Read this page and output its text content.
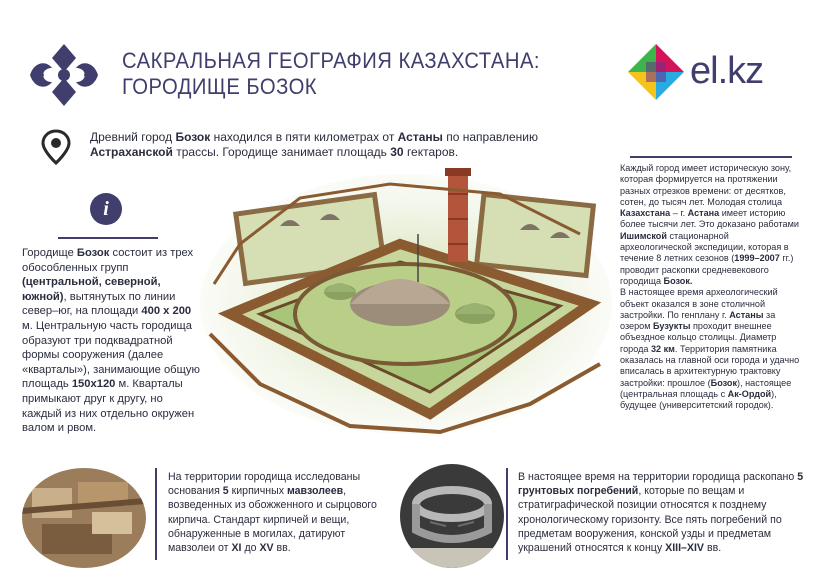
САКРАЛЬНАЯ ГЕОГРАФИЯ КАЗАХСТАНА:
ГОРОДИЩЕ БОЗОК	el.kz
Древний город Бозок находился в пяти километрах от Астаны по направлению Астраханской трассы. Городище занимает площадь 30 гектаров.
i
Городище Бозок состоит из трех обособленных групп (центральной, северной, южной), вытянутых по линии север–юг, на площади 400 х 200 м. Центральную часть городища образуют три подквадратной формы сооружения (далее «кварталы»), занимающие общую площадь 150х120 м. Кварталы примыкают друг к другу, но каждый из них отдельно окружен валом и рвом.
Каждый город имеет историческую зону, которая формируется на протяжении разных отрезков времени: от десятков, сотен, до тысяч лет. Молодая столица Казахстана – г. Астана имеет историю более тысячи лет. Это доказано работами Ишимской стационарной археологической экспедиции, которая в течение 8 летних сезонов (1999–2007 гг.) проводит раскопки средневекового городища Бозок.
В настоящее время археологический объект оказался в зоне столичной застройки. По генплану г. Астаны за озером Бузукты проходит внешнее объездное кольцо столицы. Диаметр города 32 км. Территория памятника оказалась на главной оси города и удачно вписалась в архитектурную трактовку застройки: прошлое (Бозок), настоящее (центральная площадь с Ак-Ордой), будущее (университетский городок).
На территории городища исследованы основания 5 кирпичных мавзолеев, возведенных из обожженного и сырцового кирпича. Стандарт кирпичей и вещи, обнаруженные в могилах, датируют мавзолеи от XI до XV вв.
В настоящее время на территории городища раскопано 5 грунтовых погребений, которые по вещам и стратиграфической позиции относятся к позднему хронологическому горизонту. Все пять погребений по предметам вооружения, конской узды и предметам украшений относятся к концу XIII–XIV вв.
